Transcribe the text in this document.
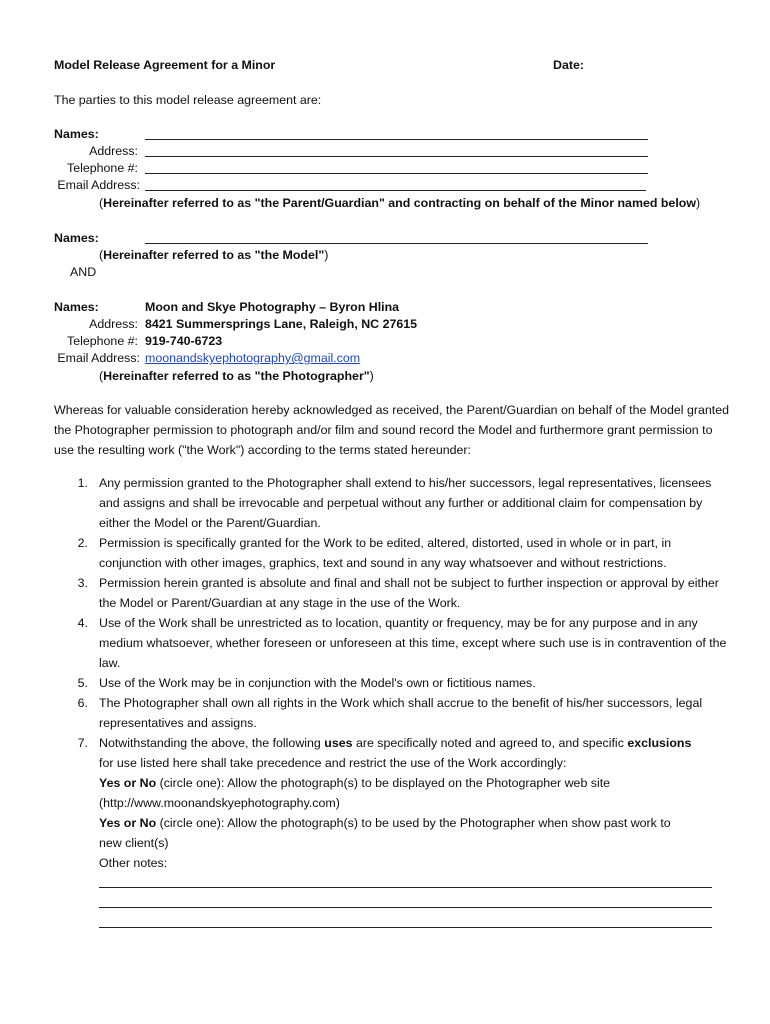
Model Release Agreement for a Minor	Date:
The parties to this model release agreement are:
Names:
Address:
Telephone #:
Email Address:
(Hereinafter referred to as "the Parent/Guardian" and contracting on behalf of the Minor named below)
Names:
(Hereinafter referred to as "the Model")
AND
Names:	Moon and Skye Photography – Byron Hlina
Address: 8421 Summersprings Lane, Raleigh, NC 27615
Telephone #: 919-740-6723
Email Address: moonandskyephotography@gmail.com
(Hereinafter referred to as "the Photographer")
Whereas for valuable consideration hereby acknowledged as received, the Parent/Guardian on behalf of the Model granted the Photographer permission to photograph and/or film and sound record the Model and furthermore grant permission to use the resulting work ("the Work") according to the terms stated hereunder:
1. Any permission granted to the Photographer shall extend to his/her successors, legal representatives, licensees and assigns and shall be irrevocable and perpetual without any further or additional claim for compensation by either the Model or the Parent/Guardian.
2. Permission is specifically granted for the Work to be edited, altered, distorted, used in whole or in part, in conjunction with other images, graphics, text and sound in any way whatsoever and without restrictions.
3. Permission herein granted is absolute and final and shall not be subject to further inspection or approval by either the Model or Parent/Guardian at any stage in the use of the Work.
4. Use of the Work shall be unrestricted as to location, quantity or frequency, may be for any purpose and in any medium whatsoever, whether foreseen or unforeseen at this time, except where such use is in contravention of the law.
5. Use of the Work may be in conjunction with the Model's own or fictitious names.
6. The Photographer shall own all rights in the Work which shall accrue to the benefit of his/her successors, legal representatives and assigns.
7. Notwithstanding the above, the following uses are specifically noted and agreed to, and specific exclusions
for use listed here shall take precedence and restrict the use of the Work accordingly:
Yes or No (circle one): Allow the photograph(s) to be displayed on the Photographer web site
(http://www.moonandskyephotography.com)
Yes or No (circle one): Allow the photograph(s) to be used by the Photographer when show past work to
new client(s)
Other notes:
